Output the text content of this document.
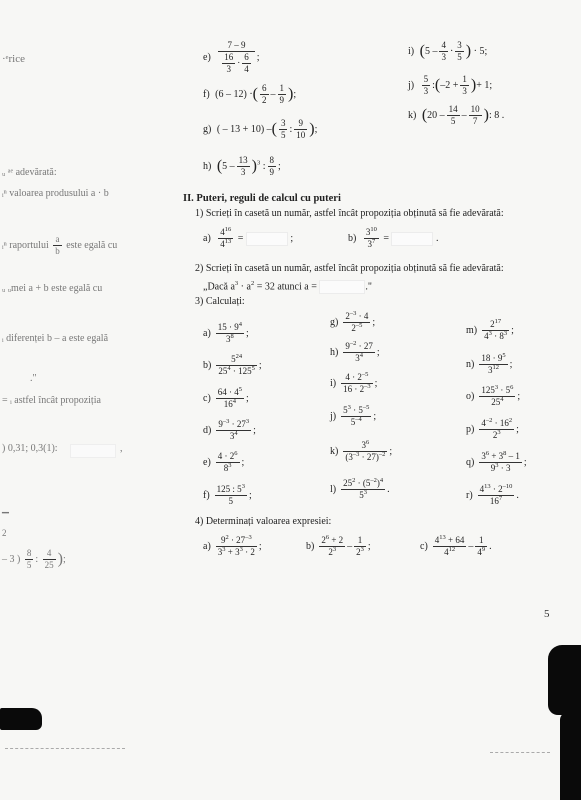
·ᵉrice
ᵤ ᵃᵉ adevărată:
ᵢⁿ valoarea produsului a · b
ᵢⁿ raportului $\frac{a}{b}$ este egală cu
ᵤ ᵤmei a + b este egală cu
ᵢ diferenței b – a este egală
."
= ᵢ astfel încât propoziția
) 0,31; 0,3(1):	,
▁
2
– 3 ) $\frac{8}{5}$ : $\frac{4}{25}$ );
$e) \frac{7 - 9}{\frac{16}{3} \cdot \frac{6}{4}}$ ;
f) (6 – 12) ·( $\frac{6}{2} - \frac{1}{9}$ );
g) ( – 13 + 10) –( $\frac{3}{5}$ : $\frac{9}{10}$ );
h) $(5 - \frac{13}{3} )^3$ : $\frac{8}{9}$ ;
i) ($5 - \frac{4}{3} \cdot \frac{3}{5}$ ) · 5;
$j) \frac{5}{3}$ :(–2 + $\frac{1}{3}$ )+ 1;
k) ($20 - \frac{14}{5} - \frac{10}{7}$ ): 8 .
II. Puteri, reguli de calcul cu puteri
1) Scrieți în casetă un număr, astfel încât propoziția obținută să fie adevărată:
$a) \frac{4^{16}}{4^{13}}$ =	;	$b) \frac{3^{10}}{3^7}$ =	.
2) Scrieți în casetă un număr, astfel încât propoziția obținută să fie adevărată:
„Dacă $a^3 \cdot a^2 = 32$ atunci a =	."
3) Calculați:
$a) \frac{15 \cdot 9^4}{3^8}$ ;
$b) \frac{5^{24}}{25^4 \cdot 125^5}$ ;
$c) \frac{64 \cdot 4^5}{16^4}$ ;
$d) \frac{9^{-3} \cdot 27^3}{3^4}$ ;
$e) \frac{4 \cdot 2^6}{8^3}$ ;
$f) \frac{125 : 5^3}{5}$ ;
$g) \frac{2^{-3} \cdot 4}{2^{-5}}$ ;
$h) \frac{9^{-2} \cdot 27}{3^4}$ ;
$i) \frac{4 \cdot 2^{-5}}{16 \cdot 2^{-3}}$ ;
$j) \frac{5^3 \cdot 5^{-5}}{5^{-4}}$ ;
$k) \frac{3^6}{(3^{-3} \cdot 27)^{-2}}$ ;
$l) \frac{25^2 \cdot (5^{-2})^4}{5^3}$ .
$m) \frac{2^{17}}{4^3 \cdot 8^3}$ ;
$n) \frac{18 \cdot 9^5}{3^{12}}$ ;
$o) \frac{125^3 \cdot 5^6}{25^4}$ ;
$p) \frac{4^{-2} \cdot 16^2}{2^3}$ ;
$q) \frac{3^6 + 3^8 - 1}{9^3 \cdot 3}$ ;
$r) \frac{4^{13} \cdot 2^{-10}}{16^7}$ .
4) Determinați valoarea expresiei:
$a) \frac{9^2 \cdot 27^{-3}}{3^3 + 3^3 \cdot 2}$ ;	$b) \frac{2^6 + 2}{2^3} - \frac{1}{2^3}$ ;	$c) \frac{4^{13} + 64}{4^{12}} - \frac{1}{4^9}$ .
5
